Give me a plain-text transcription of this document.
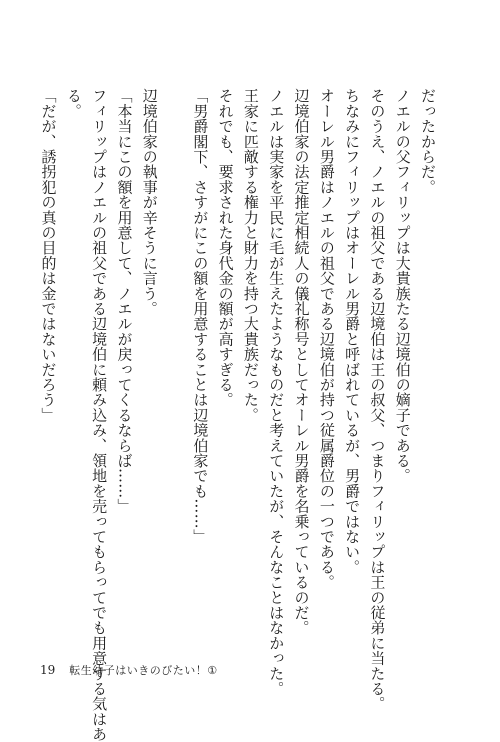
だったからだ。
ノエルの父フィリップは大貴族たる辺境伯の嫡子である。
そのうえ、ノエルの祖父である辺境伯は王の叔父、つまりフィリップは王の従弟に当たる。
ちなみにフィリップはオーレル男爵と呼ばれているが、男爵ではない。
オーレル男爵はノエルの祖父である辺境伯が持つ従属爵位の一つである。
辺境伯家の法定推定相続人の儀礼称号としてオーレル男爵を名乗っているのだ。
ノエルは実家を平民に毛が生えたようなものだと考えていたが、そんなことはなかった。
王家に匹敵する権力と財力を持つ大貴族だった。
それでも、要求された身代金の額が高すぎる。
「男爵閣下、さすがにこの額を用意することは辺境伯家でも……」
辺境伯家の執事が辛そうに言う。
「本当にこの額を用意して、ノエルが戻ってくるならば……」
フィリップはノエルの祖父である辺境伯に頼み込み、領地を売ってもらってでも用意する気はあ
る。
「だが、誘拐犯の真の目的は金ではないだろう」
19 転生幼子はいきのびたい！①
